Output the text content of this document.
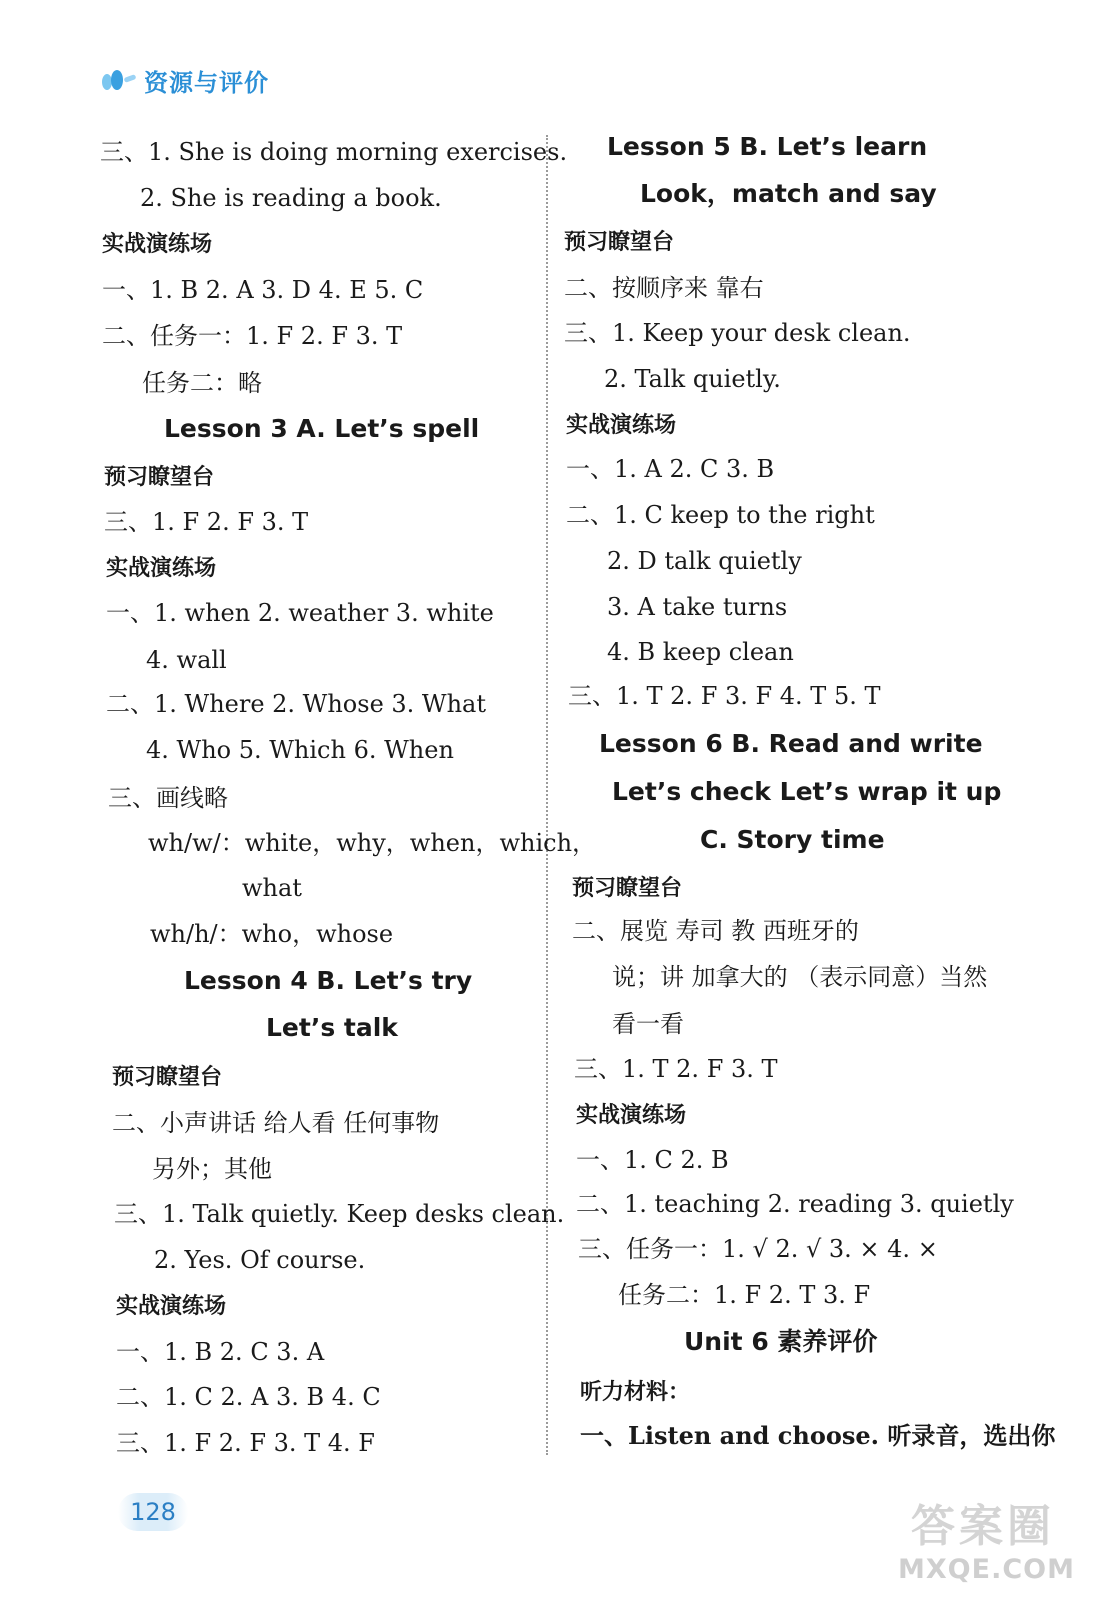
资源与评价
三、1. She is doing morning exercises.
2. She is reading a book.
实战演练场
一、1. B 2. A 3. D 4. E 5. C
二、任务一：1. F 2. F 3. T
任务二：略
Lesson 3 A. Let’s spell
预习瞭望台
三、1. F 2. F 3. T
实战演练场
一、1. when 2. weather 3. white
4. wall
二、1. Where 2. Whose 3. What
4. Who 5. Which 6. When
三、画线略
wh/w/：white，why，when，which，
what
wh/h/：who，whose
Lesson 4 B. Let’s try
Let’s talk
预习瞭望台
二、小声讲话 给人看 任何事物
另外；其他
三、1. Talk quietly. Keep desks clean.
2. Yes. Of course.
实战演练场
一、1. B 2. C 3. A
二、1. C 2. A 3. B 4. C
三、1. F 2. F 3. T 4. F
Lesson 5 B. Let’s learn
Look，match and say
预习瞭望台
二、按顺序来 靠右
三、1. Keep your desk clean.
2. Talk quietly.
实战演练场
一、1. A 2. C 3. B
二、1. C keep to the right
2. D talk quietly
3. A take turns
4. B keep clean
三、1. T 2. F 3. F 4. T 5. T
Lesson 6 B. Read and write
Let’s check Let’s wrap it up
C. Story time
预习瞭望台
二、展览 寿司 教 西班牙的
说；讲 加拿大的 （表示同意）当然
看一看
三、1. T 2. F 3. T
实战演练场
一、1. C 2. B
二、1. teaching 2. reading 3. quietly
三、任务一：1. √ 2. √ 3. × 4. ×
任务二：1. F 2. T 3. F
Unit 6 素养评价
听力材料：
一、Listen and choose. 听录音，选出你
128	答案圈
MXQE.COM
